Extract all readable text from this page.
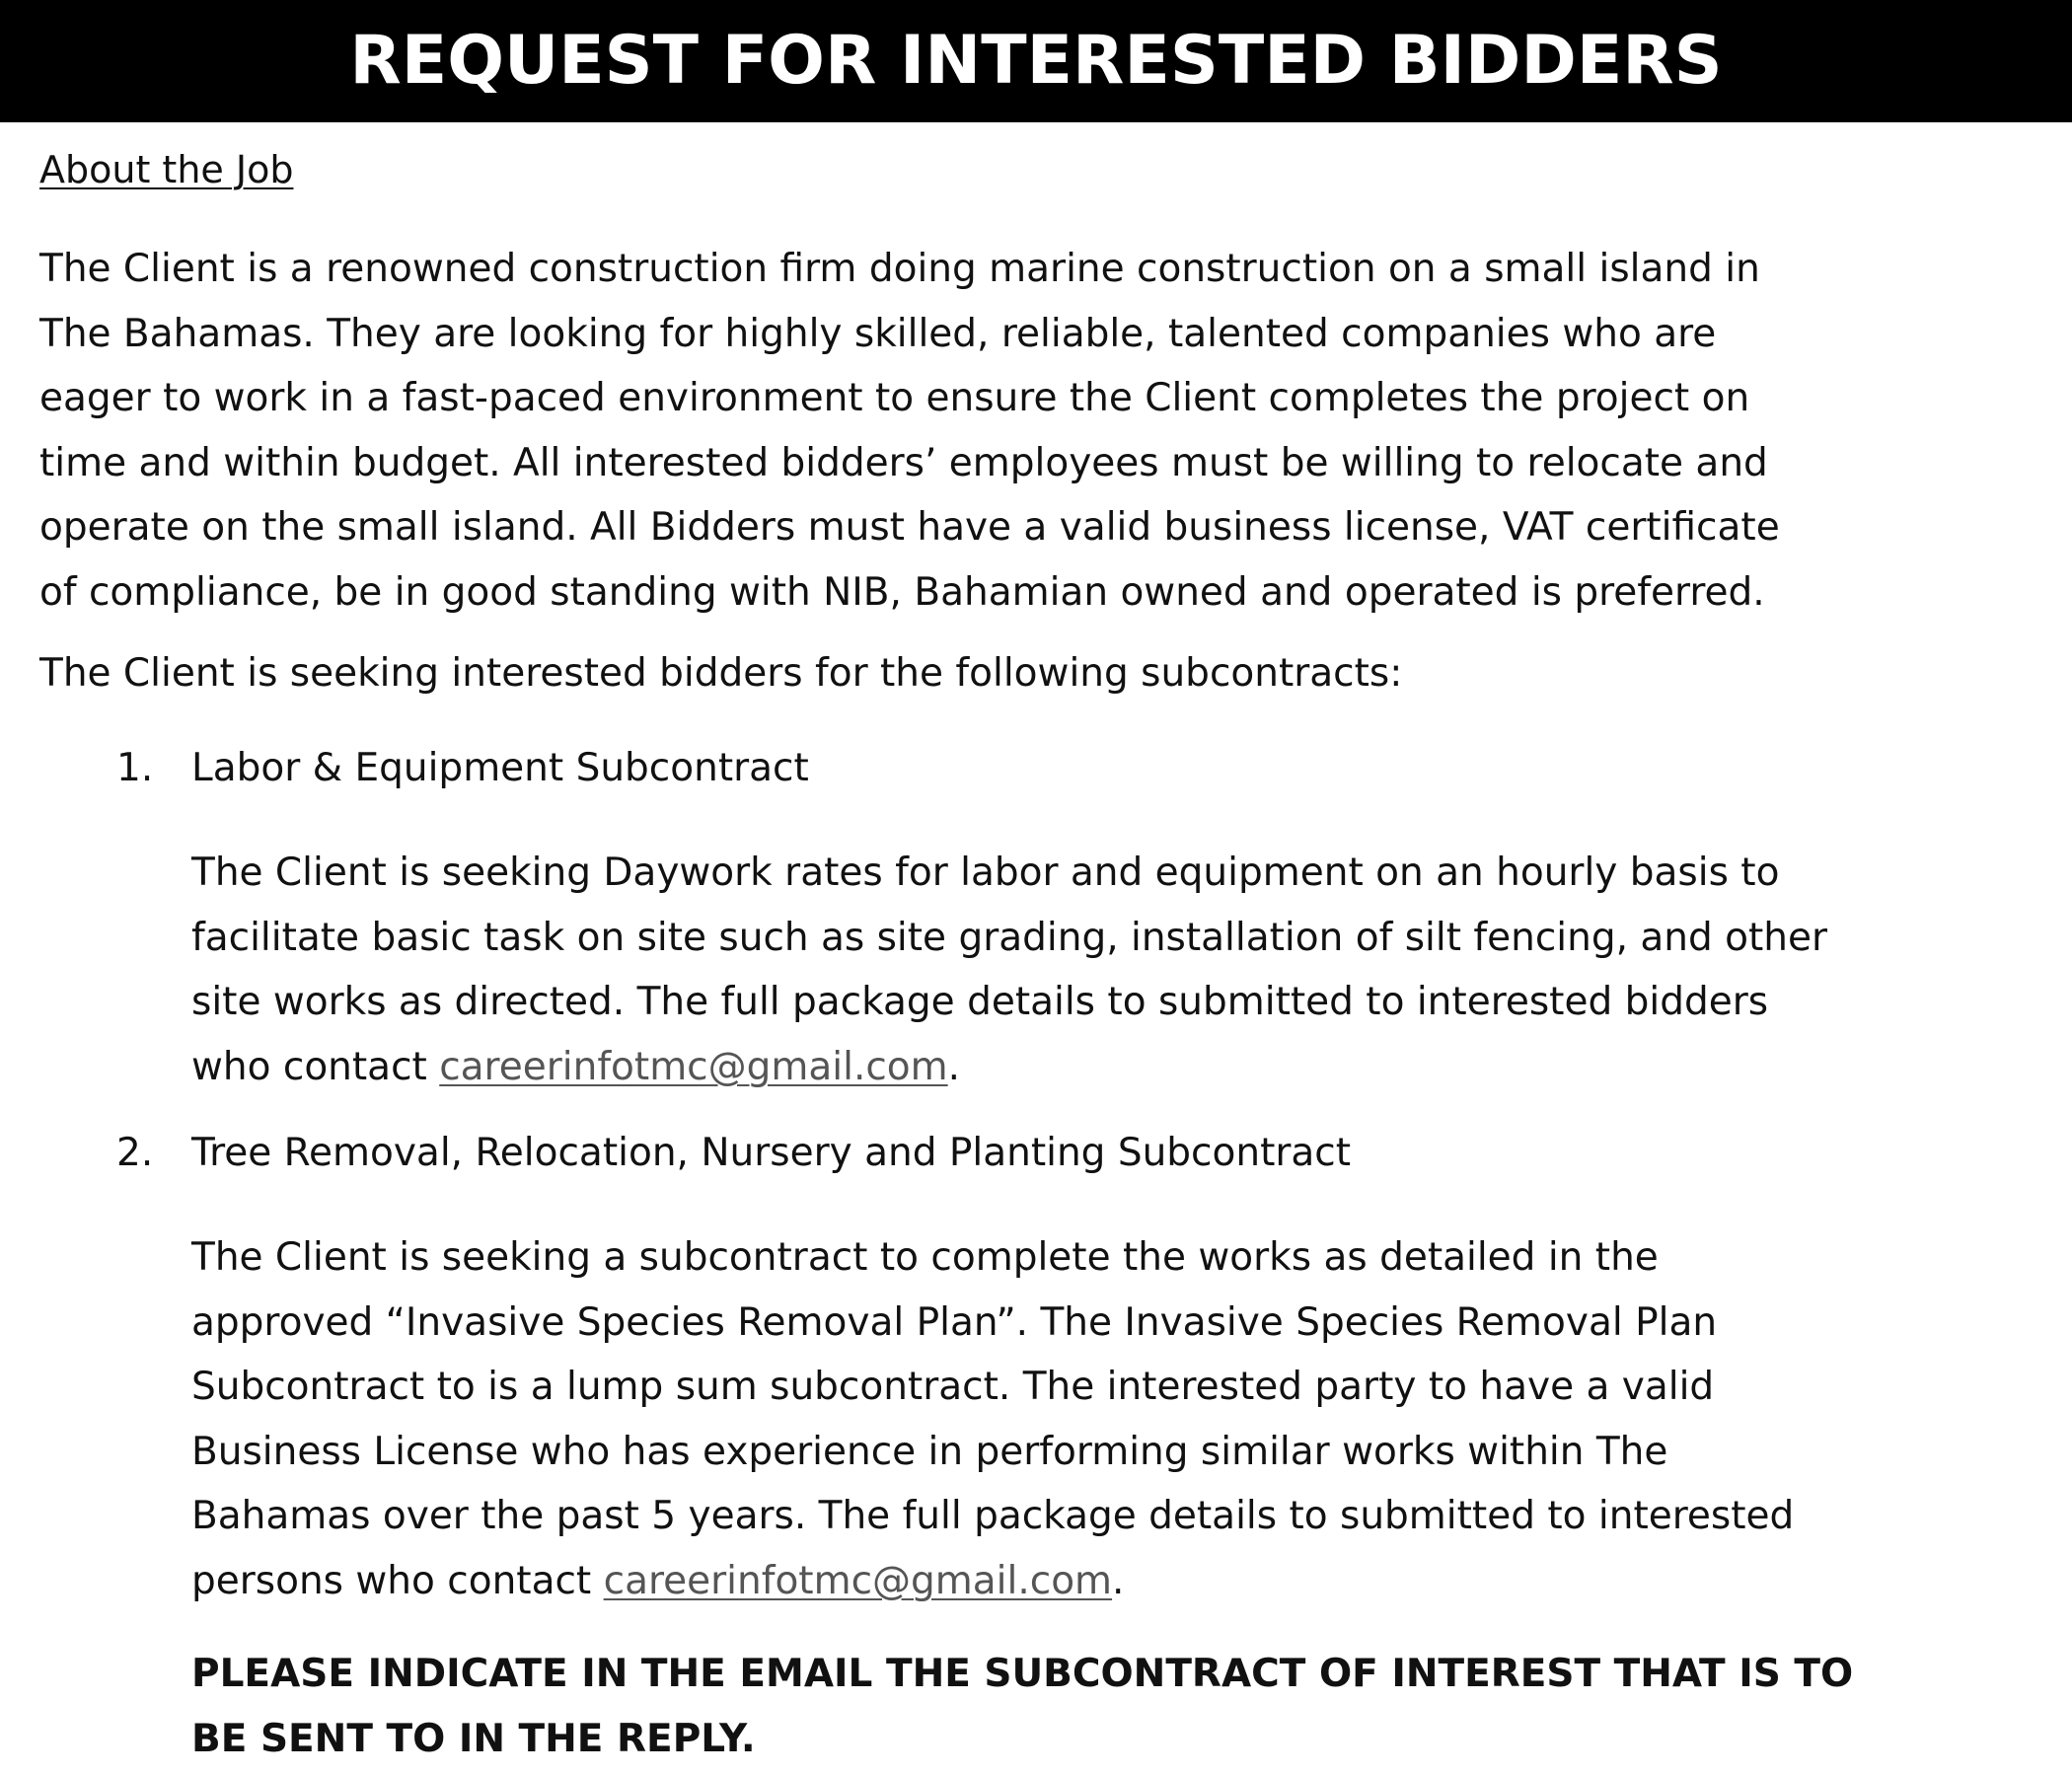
REQUEST FOR INTERESTED BIDDERS
About the Job

The Client is a renowned construction firm doing marine construction on a small island in
The Bahamas. They are looking for highly skilled, reliable, talented companies who are
eager to work in a fast-paced environment to ensure the Client completes the project on
time and within budget. All interested bidders’ employees must be willing to relocate and
operate on the small island. All Bidders must have a valid business license, VAT certificate
of compliance, be in good standing with NIB, Bahamian owned and operated is preferred.

The Client is seeking interested bidders for the following subcontracts:
1. Labor & Equipment Subcontract

The Client is seeking Daywork rates for labor and equipment on an hourly basis to
facilitate basic task on site such as site grading, installation of silt fencing, and other
site works as directed. The full package details to submitted to interested bidders
who contact careerinfotmc@gmail.com.

2. Tree Removal, Relocation, Nursery and Planting Subcontract

The Client is seeking a subcontract to complete the works as detailed in the
approved “Invasive Species Removal Plan”. The Invasive Species Removal Plan
Subcontract to is a lump sum subcontract. The interested party to have a valid
Business License who has experience in performing similar works within The
Bahamas over the past 5 years. The full package details to submitted to interested
persons who contact careerinfotmc@gmail.com.

PLEASE INDICATE IN THE EMAIL THE SUBCONTRACT OF INTEREST THAT IS TO
BE SENT TO IN THE REPLY.
